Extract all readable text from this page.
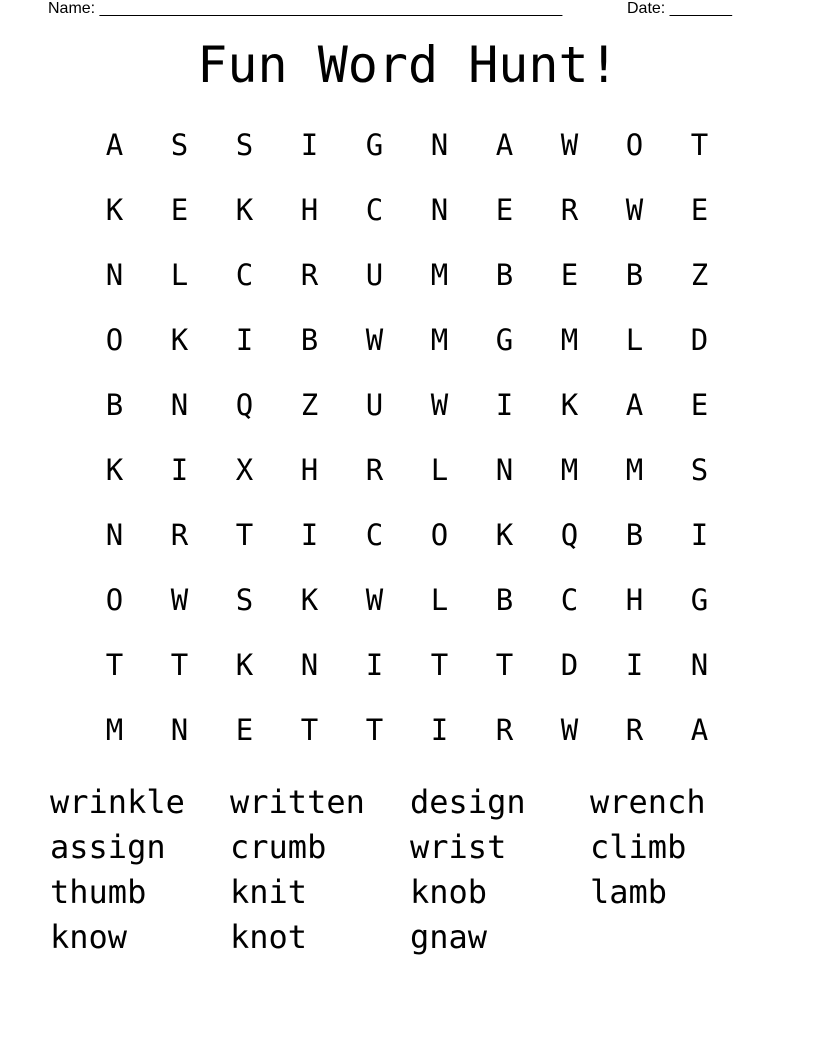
Name: ____________________________________________________	Date: _______
Fun Word Hunt!
A	S	S	I	G	N	A	W	O	T
K	E	K	H	C	N	E	R	W	E
N	L	C	R	U	M	B	E	B	Z
O	K	I	B	W	M	G	M	L	D
B	N	Q	Z	U	W	I	K	A	E
K	I	X	H	R	L	N	M	M	S
N	R	T	I	C	O	K	Q	B	I
O	W	S	K	W	L	B	C	H	G
T	T	K	N	I	T	T	D	I	N
M	N	E	T	T	I	R	W	R	A
wrinkle	written	design	wrench
assign	crumb	wrist	climb
thumb	knit	knob	lamb
know	knot	gnaw
